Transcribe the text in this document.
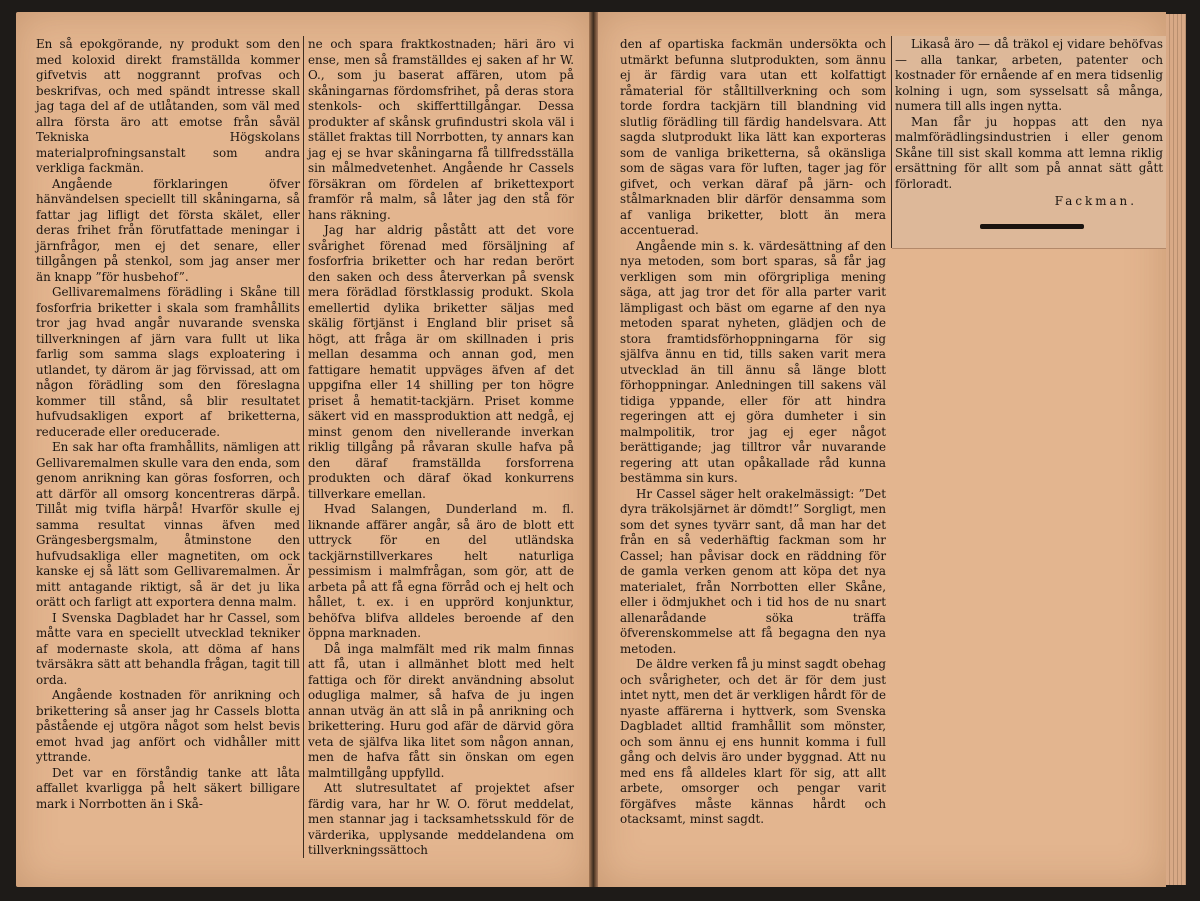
En så epokgörande, ny produkt som den med koloxid direkt framställda kommer gifvetvis att noggrannt profvas och beskrifvas, och med spändt intresse skall jag taga del af de utlåtanden, som väl med allra första äro att emotse från såväl Tekniska Högskolans materialprofningsanstalt som andra verkliga fackmän.

Angående förklaringen öfver hänvändelsen speciellt till skåningarna, så fattar jag lifligt det första skälet, eller deras frihet från förutfattade meningar i järnfrågor, men ej det senare, eller tillgången på stenkol, som jag anser mer än knapp ”för husbehof”.

Gellivaremalmens förädling i Skåne till fosforfria briketter i skala som framhållits tror jag hvad angår nuvarande svenska tillverkningen af järn vara fullt ut lika farlig som samma slags exploatering i utlandet, ty därom är jag förvissad, att om någon förädling som den föreslagna kommer till stånd, så blir resultatet hufvudsakligen export af briketterna, reducerade eller oreducerade.

En sak har ofta framhållits, nämligen att Gellivaremalmen skulle vara den enda, som genom anrikning kan göras fosforren, och att därför all omsorg koncentreras därpå. Tillåt mig tvifla härpå! Hvarför skulle ej samma resultat vinnas äfven med Grängesbergsmalm, åtminstone den hufvudsakliga eller magnetiten, om ock kanske ej så lätt som Gellivaremalmen. Är mitt antagande riktigt, så är det ju lika orätt och farligt att exportera denna malm.

I Svenska Dagbladet har hr Cassel, som måtte vara en speciellt utvecklad tekniker af modernaste skola, att döma af hans tvärsäkra sätt att behandla frågan, tagit till orda.

Angående kostnaden för anrikning och brikettering så anser jag hr Cassels blotta påstående ej utgöra något som helst bevis emot hvad jag anfört och vidhåller mitt yttrande.

Det var en förståndig tanke att låta affallet kvarligga på helt säkert billigare mark i Norrbotten än i Skå-

ne och spara fraktkostnaden; häri äro vi ense, men så framställdes ej saken af hr W. O., som ju baserat affären, utom på skåningarnas fördomsfrihet, på deras stora stenkols- och skifferttillgångar. Dessa produkter af skånsk grufindustri skola väl i stället fraktas till Norrbotten, ty annars kan jag ej se hvar skåningarna få tillfredsställa sin målmedvetenhet. Angående hr Cassels försäkran om fördelen af brikettexport framför rå malm, så låter jag den stå för hans räkning.

Jag har aldrig påstått att det vore svårighet förenad med försäljning af fosforfria briketter och har redan berört den saken och dess återverkan på svensk mera förädlad förstklassig produkt. Skola emellertid dylika briketter säljas med skälig förtjänst i England blir priset så högt, att fråga är om skillnaden i pris mellan desamma och annan god, men fattigare hematit uppväges äfven af det uppgifna eller 14 shilling per ton högre priset å hematit-tackjärn. Priset komme säkert vid en massproduktion att nedgå, ej minst genom den nivellerande inverkan riklig tillgång på råvaran skulle hafva på den däraf framställda forsforrena produkten och däraf ökad konkurrens tillverkare emellan.

Hvad Salangen, Dunderland m. fl. liknande affärer angår, så äro de blott ett uttryck för en del utländska tackjärnstillverkares helt naturliga pessimism i malmfrågan, som gör, att de arbeta på att få egna förråd och ej helt och hållet, t. ex. i en upprörd konjunktur, behöfva blifva alldeles beroende af den öppna marknaden.

Då inga malmfält med rik malm finnas att få, utan i allmänhet blott med helt fattiga och för direkt användning absolut odugliga malmer, så hafva de ju ingen annan utväg än att slå in på anrikning och brikettering. Huru god afär de därvid göra veta de själfva lika litet som någon annan, men de hafva fått sin önskan om egen malmtillgång uppfylld.

Att slutresultatet af projektet afser färdig vara, har hr W. O. förut meddelat, men stannar jag i tacksamhetsskuld för de värderika, upplysande meddelandena om tillverkningssättoch

den af opartiska fackmän undersökta och utmärkt befunna slutprodukten, som ännu ej är färdig vara utan ett kolfattigt råmaterial för stålltillverkning och som torde fordra tackjärn till blandning vid slutlig förädling till färdig handelsvara. Att sagda slutprodukt lika lätt kan exporteras som de vanliga briketterna, så okänsliga som de sägas vara för luften, tager jag för gifvet, och verkan däraf på järn- och stålmarknaden blir därför densamma som af vanliga briketter, blott än mera accentuerad.

Angående min s. k. värdesättning af den nya metoden, som bort sparas, så får jag verkligen som min oförgripliga mening säga, att jag tror det för alla parter varit lämpligast och bäst om egarne af den nya metoden sparat nyheten, glädjen och de stora framtidsförhoppningarna för sig själfva ännu en tid, tills saken varit mera utvecklad än till ännu så länge blott förhoppningar. Anledningen till sakens väl tidiga yppande, eller för att hindra regeringen att ej göra dumheter i sin malmpolitik, tror jag ej eger något berättigande; jag tilltror vår nuvarande regering att utan opåkallade råd kunna bestämma sin kurs.

Hr Cassel säger helt orakelmässigt: ”Det dyra träkolsjärnet är dömdt!” Sorgligt, men som det synes tyvärr sant, då man har det från en så vederhäftig fackman som hr Cassel; han påvisar dock en räddning för de gamla verken genom att köpa det nya materialet, från Norrbotten eller Skåne, eller i ödmjukhet och i tid hos de nu snart allenarådande söka träffa öfverenskommelse att få begagna den nya metoden.

De äldre verken få ju minst sagdt obehag och svårigheter, och det är för dem just intet nytt, men det är verkligen hårdt för de nyaste affärerna i hyttverk, som Svenska Dagbladet alltid framhållit som mönster, och som ännu ej ens hunnit komma i full gång och delvis äro under byggnad. Att nu med ens få alldeles klart för sig, att allt arbete, omsorger och pengar varit förgäfves måste kännas hårdt och otacksamt, minst sagdt.

Likaså äro — då träkol ej vidare behöfvas — alla tankar, arbeten, patenter och kostnader för ernående af en mera tidsenlig kolning i ugn, som sysselsatt så många, numera till alls ingen nytta.

Man får ju hoppas att den nya malmförädlingsindustrien i eller genom Skåne till sist skall komma att lemna riklig ersättning för allt som på annat sätt gått förloradt.

Fackman.
